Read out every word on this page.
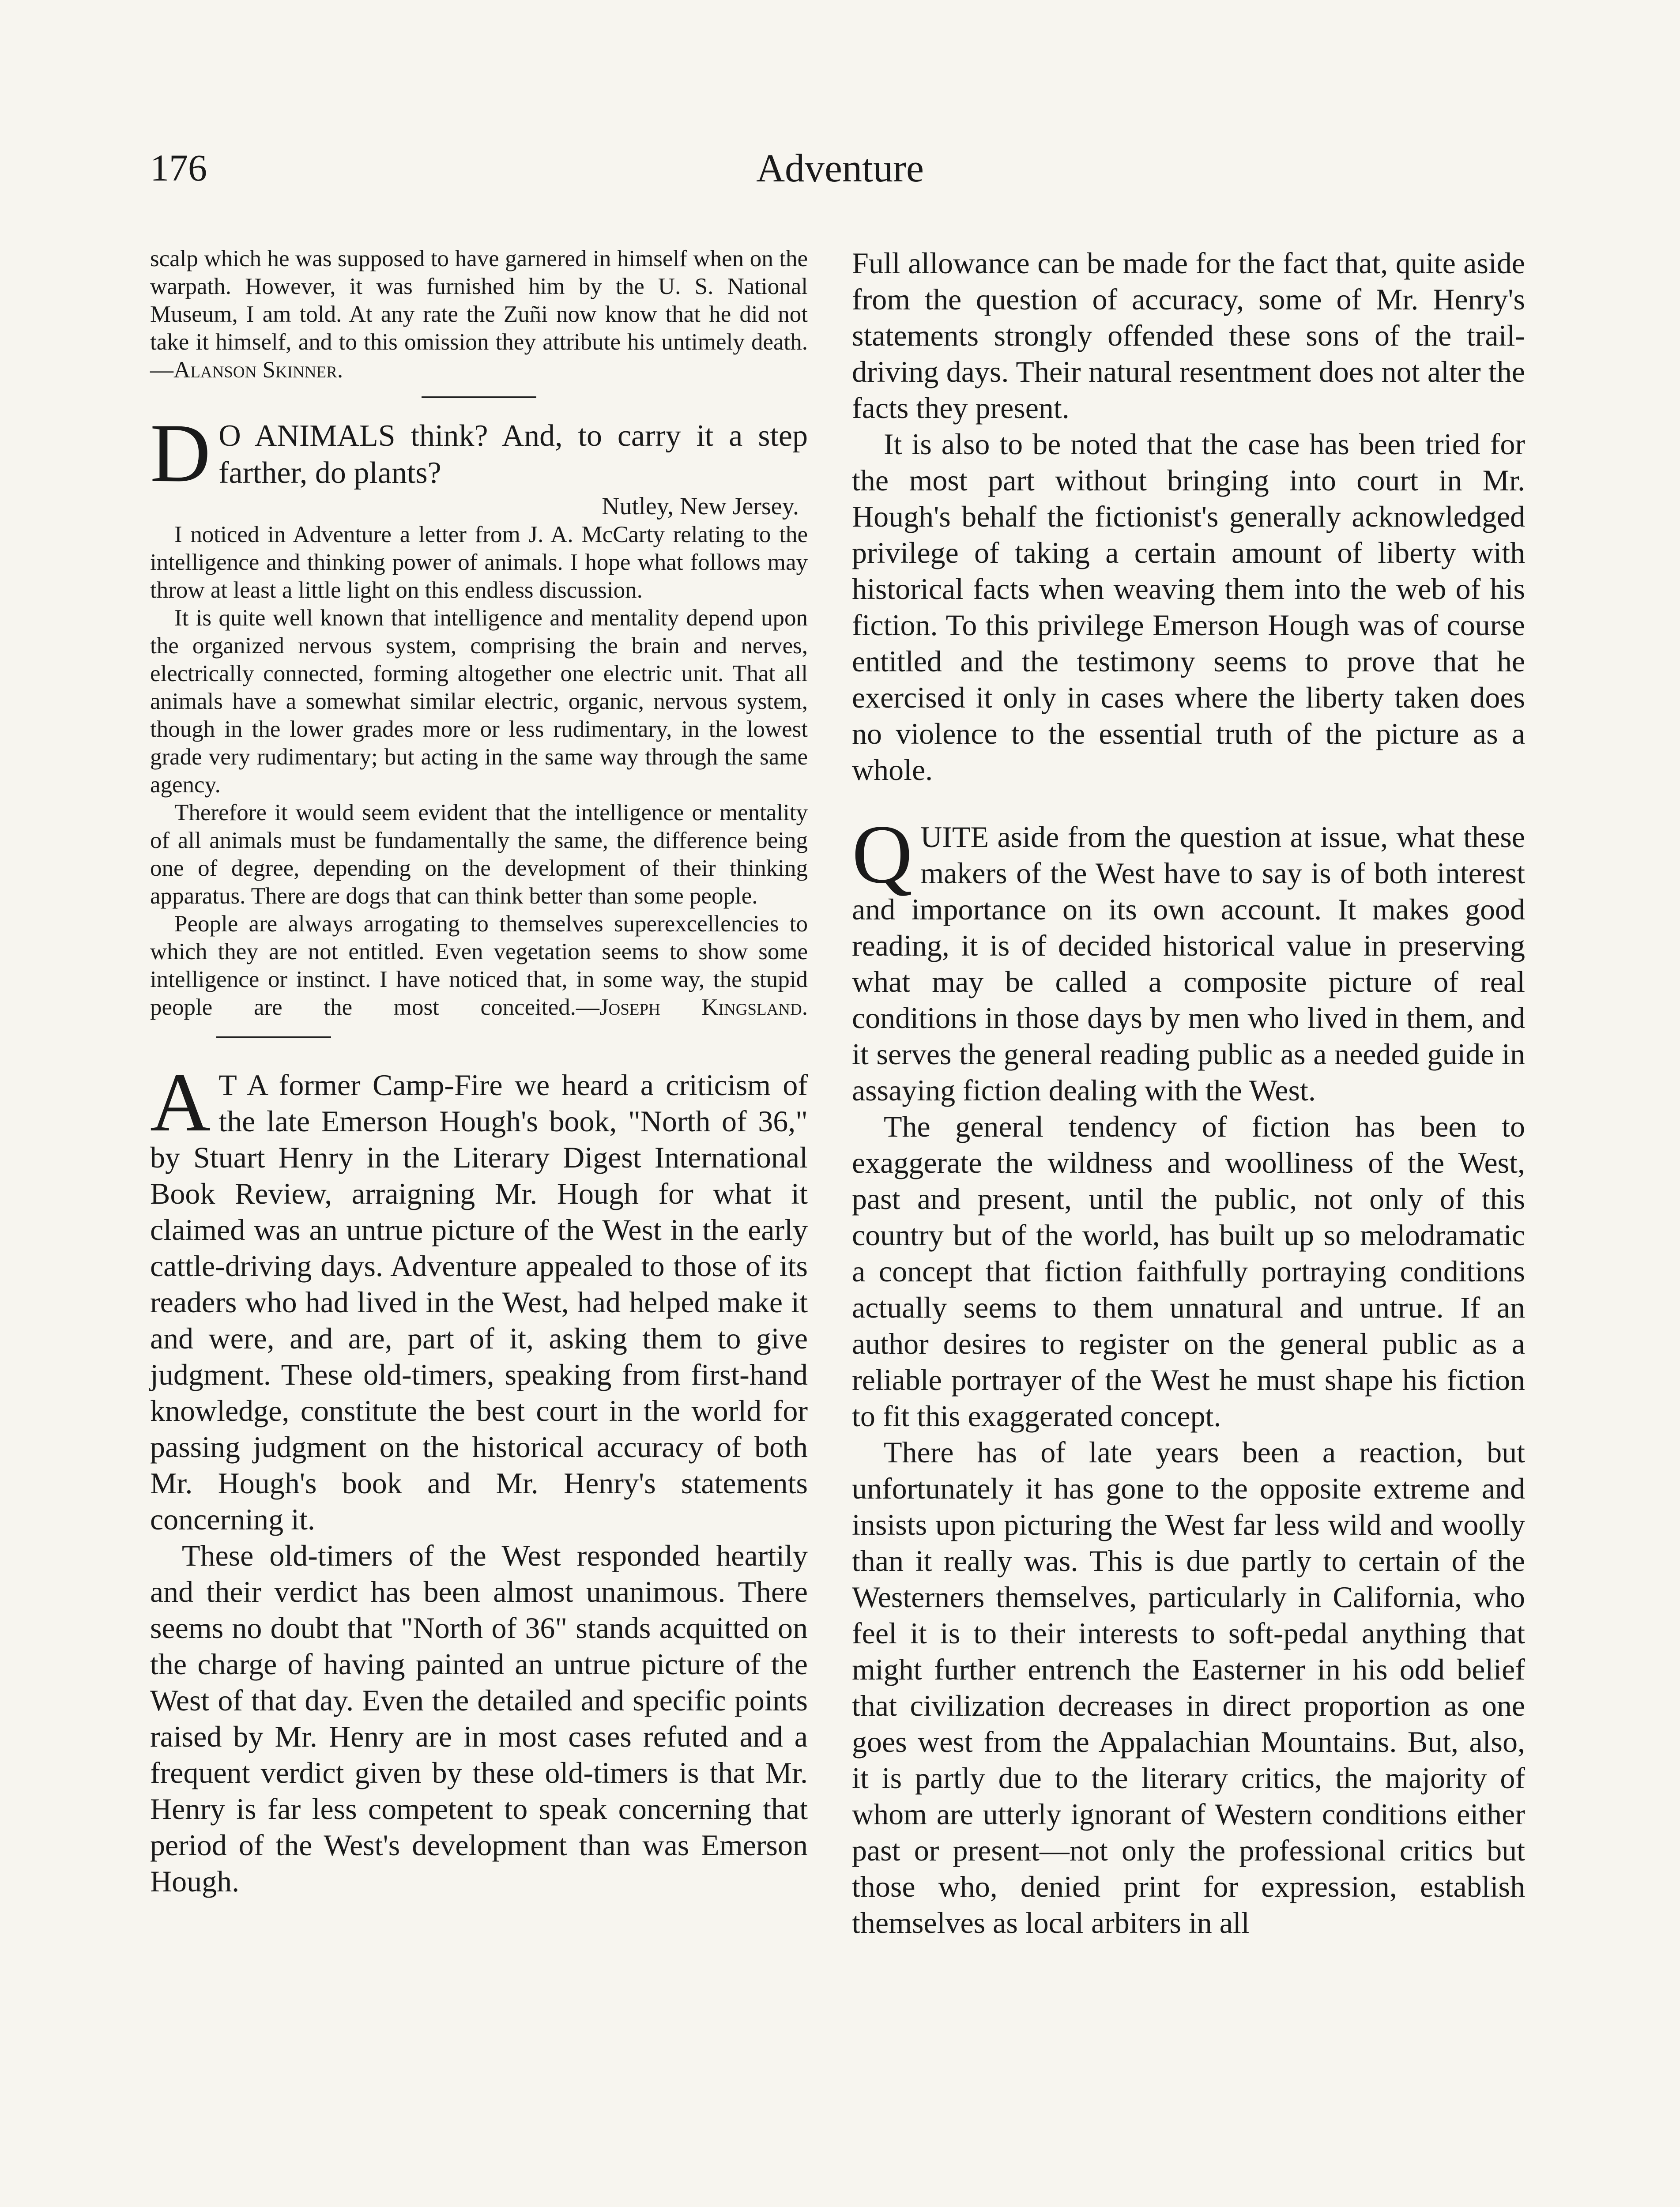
176	Adventure

scalp which he was supposed to have garnered in himself when on the warpath. However, it was furnished him by the U. S. National Museum, I am told. At any rate the Zuñi now know that he did not take it himself, and to this omission they attribute his untimely death.—Alanson Skinner.

D O ANIMALS think? And, to carry it a step farther, do plants?

Nutley, New Jersey.

I noticed in Adventure a letter from J. A. McCarty relating to the intelligence and thinking power of animals. I hope what follows may throw at least a little light on this endless discussion.

It is quite well known that intelligence and mentality depend upon the organized nervous system, comprising the brain and nerves, electrically connected, forming altogether one electric unit. That all animals have a somewhat similar electric, organic, nervous system, though in the lower grades more or less rudimentary, in the lowest grade very rudimentary; but acting in the same way through the same agency.

Therefore it would seem evident that the intelligence or mentality of all animals must be fundamentally the same, the difference being one of degree, depending on the development of their thinking apparatus. There are dogs that can think better than some people.

People are always arrogating to themselves superexcellencies to which they are not entitled. Even vegetation seems to show some intelligence or instinct. I have noticed that, in some way, the stupid people are the most conceited.—Joseph Kingsland.

A T A former Camp-Fire we heard a criticism of the late Emerson Hough's book, "North of 36," by Stuart Henry in the Literary Digest International Book Review, arraigning Mr. Hough for what it claimed was an untrue picture of the West in the early cattle-driving days. Adventure appealed to those of its readers who had lived in the West, had helped make it and were, and are, part of it, asking them to give judgment. These old-timers, speaking from first-hand knowledge, constitute the best court in the world for passing judgment on the historical accuracy of both Mr. Hough's book and Mr. Henry's statements concerning it.

These old-timers of the West responded heartily and their verdict has been almost unanimous. There seems no doubt that "North of 36" stands acquitted on the charge of having painted an untrue picture of the West of that day. Even the detailed and specific points raised by Mr. Henry are in most cases refuted and a frequent verdict given by these old-timers is that Mr. Henry is far less competent to speak concerning that period of the West's development than was Emerson Hough.

Full allowance can be made for the fact that, quite aside from the question of accuracy, some of Mr. Henry's statements strongly offended these sons of the trail-driving days. Their natural resentment does not alter the facts they present.

It is also to be noted that the case has been tried for the most part without bringing into court in Mr. Hough's behalf the fictionist's generally acknowledged privilege of taking a certain amount of liberty with historical facts when weaving them into the web of his fiction. To this privilege Emerson Hough was of course entitled and the testimony seems to prove that he exercised it only in cases where the liberty taken does no violence to the essential truth of the picture as a whole.

QUITE aside from the question at issue, what these makers of the West have to say is of both interest and importance on its own account. It makes good reading, it is of decided historical value in preserving what may be called a composite picture of real conditions in those days by men who lived in them, and it serves the general reading public as a needed guide in assaying fiction dealing with the West.

The general tendency of fiction has been to exaggerate the wildness and woolliness of the West, past and present, until the public, not only of this country but of the world, has built up so melodramatic a concept that fiction faithfully portraying conditions actually seems to them unnatural and untrue. If an author desires to register on the general public as a reliable portrayer of the West he must shape his fiction to fit this exaggerated concept.

There has of late years been a reaction, but unfortunately it has gone to the opposite extreme and insists upon picturing the West far less wild and woolly than it really was. This is due partly to certain of the Westerners themselves, particularly in California, who feel it is to their interests to soft-pedal anything that might further entrench the Easterner in his odd belief that civilization decreases in direct proportion as one goes west from the Appalachian Mountains. But, also, it is partly due to the literary critics, the majority of whom are utterly ignorant of Western conditions either past or present—not only the professional critics but those who, denied print for expression, establish themselves as local arbiters in all
